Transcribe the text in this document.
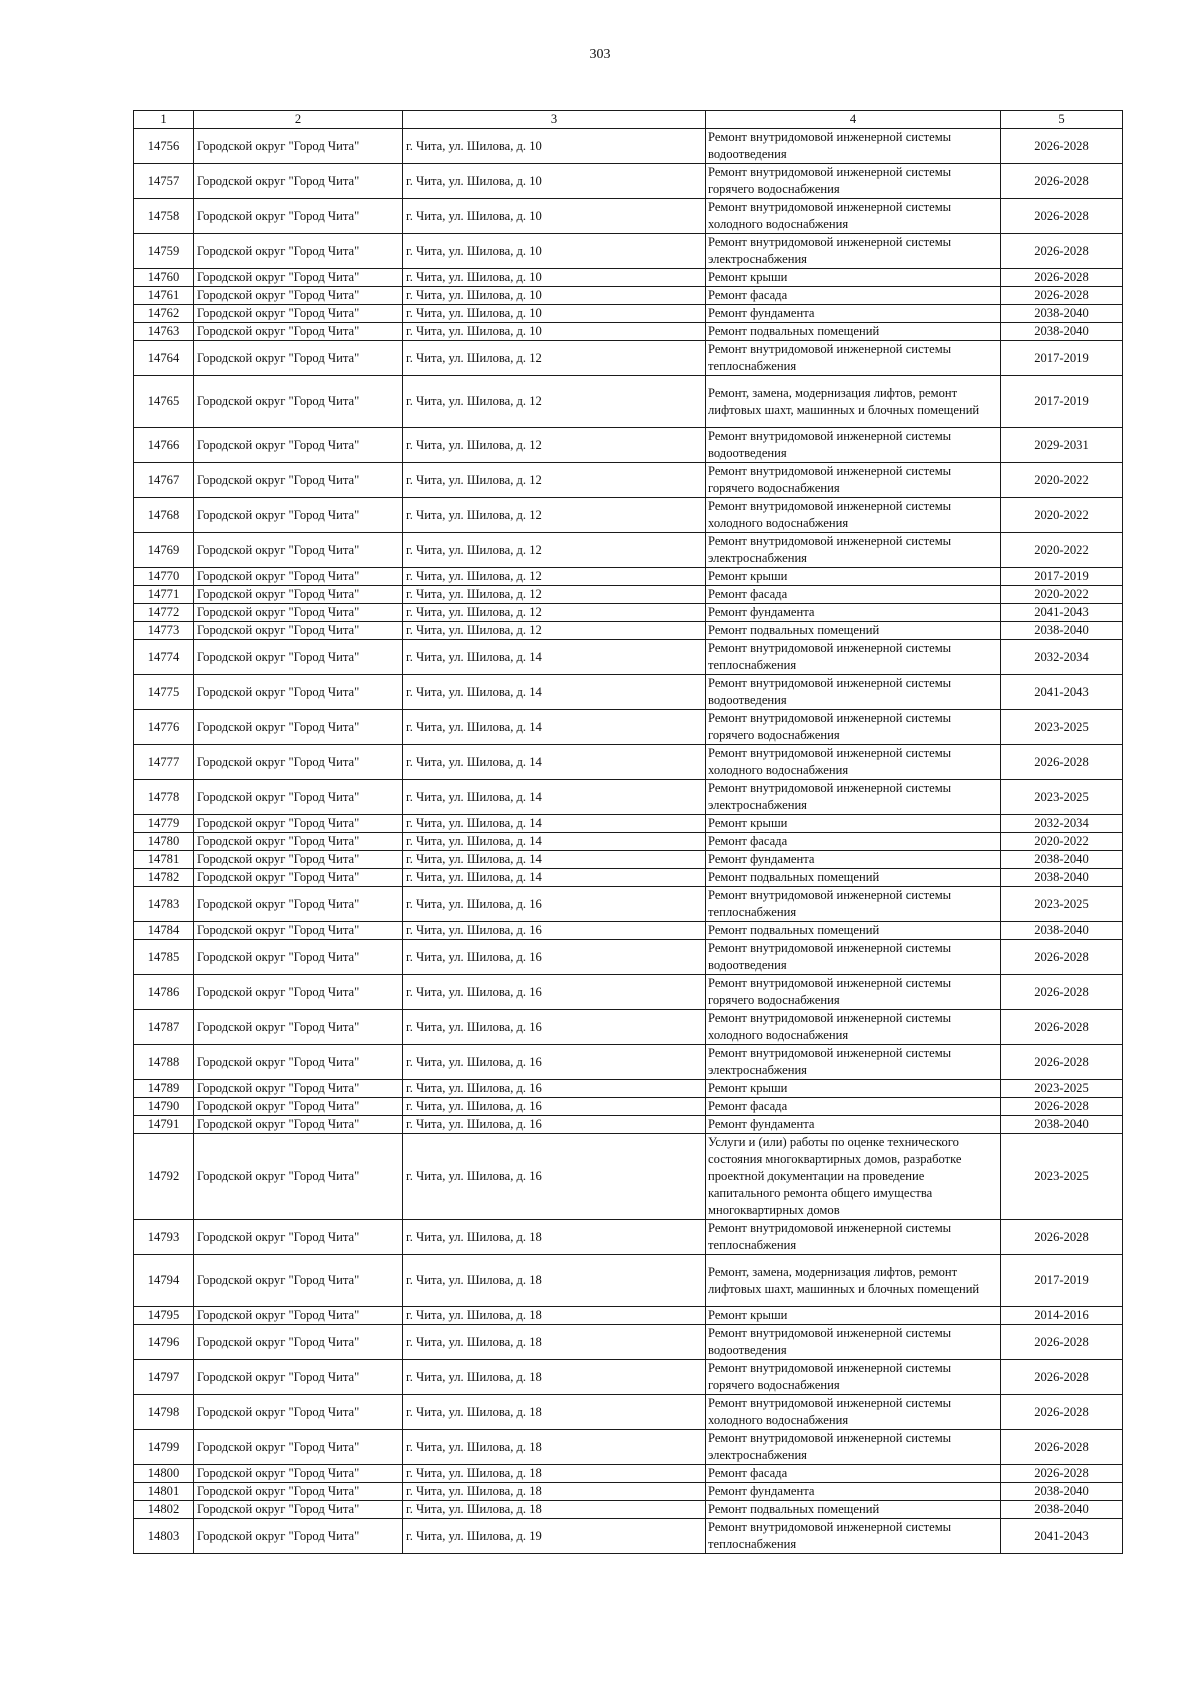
303
1	2	3	4	5
14756	Городской округ "Город Чита"	г. Чита, ул. Шилова, д. 10	Ремонт внутридомовой инженерной системы водоотведения	2026-2028
14757	Городской округ "Город Чита"	г. Чита, ул. Шилова, д. 10	Ремонт внутридомовой инженерной системы горячего водоснабжения	2026-2028
14758	Городской округ "Город Чита"	г. Чита, ул. Шилова, д. 10	Ремонт внутридомовой инженерной системы холодного водоснабжения	2026-2028
14759	Городской округ "Город Чита"	г. Чита, ул. Шилова, д. 10	Ремонт внутридомовой инженерной системы электроснабжения	2026-2028
14760	Городской округ "Город Чита"	г. Чита, ул. Шилова, д. 10	Ремонт крыши	2026-2028
14761	Городской округ "Город Чита"	г. Чита, ул. Шилова, д. 10	Ремонт фасада	2026-2028
14762	Городской округ "Город Чита"	г. Чита, ул. Шилова, д. 10	Ремонт фундамента	2038-2040
14763	Городской округ "Город Чита"	г. Чита, ул. Шилова, д. 10	Ремонт подвальных помещений	2038-2040
14764	Городской округ "Город Чита"	г. Чита, ул. Шилова, д. 12	Ремонт внутридомовой инженерной системы теплоснабжения	2017-2019
14765	Городской округ "Город Чита"	г. Чита, ул. Шилова, д. 12	Ремонт, замена, модернизация лифтов, ремонт лифтовых шахт, машинных и блочных помещений	2017-2019
14766	Городской округ "Город Чита"	г. Чита, ул. Шилова, д. 12	Ремонт внутридомовой инженерной системы водоотведения	2029-2031
14767	Городской округ "Город Чита"	г. Чита, ул. Шилова, д. 12	Ремонт внутридомовой инженерной системы горячего водоснабжения	2020-2022
14768	Городской округ "Город Чита"	г. Чита, ул. Шилова, д. 12	Ремонт внутридомовой инженерной системы холодного водоснабжения	2020-2022
14769	Городской округ "Город Чита"	г. Чита, ул. Шилова, д. 12	Ремонт внутридомовой инженерной системы электроснабжения	2020-2022
14770	Городской округ "Город Чита"	г. Чита, ул. Шилова, д. 12	Ремонт крыши	2017-2019
14771	Городской округ "Город Чита"	г. Чита, ул. Шилова, д. 12	Ремонт фасада	2020-2022
14772	Городской округ "Город Чита"	г. Чита, ул. Шилова, д. 12	Ремонт фундамента	2041-2043
14773	Городской округ "Город Чита"	г. Чита, ул. Шилова, д. 12	Ремонт подвальных помещений	2038-2040
14774	Городской округ "Город Чита"	г. Чита, ул. Шилова, д. 14	Ремонт внутридомовой инженерной системы теплоснабжения	2032-2034
14775	Городской округ "Город Чита"	г. Чита, ул. Шилова, д. 14	Ремонт внутридомовой инженерной системы водоотведения	2041-2043
14776	Городской округ "Город Чита"	г. Чита, ул. Шилова, д. 14	Ремонт внутридомовой инженерной системы горячего водоснабжения	2023-2025
14777	Городской округ "Город Чита"	г. Чита, ул. Шилова, д. 14	Ремонт внутридомовой инженерной системы холодного водоснабжения	2026-2028
14778	Городской округ "Город Чита"	г. Чита, ул. Шилова, д. 14	Ремонт внутридомовой инженерной системы электроснабжения	2023-2025
14779	Городской округ "Город Чита"	г. Чита, ул. Шилова, д. 14	Ремонт крыши	2032-2034
14780	Городской округ "Город Чита"	г. Чита, ул. Шилова, д. 14	Ремонт фасада	2020-2022
14781	Городской округ "Город Чита"	г. Чита, ул. Шилова, д. 14	Ремонт фундамента	2038-2040
14782	Городской округ "Город Чита"	г. Чита, ул. Шилова, д. 14	Ремонт подвальных помещений	2038-2040
14783	Городской округ "Город Чита"	г. Чита, ул. Шилова, д. 16	Ремонт внутридомовой инженерной системы теплоснабжения	2023-2025
14784	Городской округ "Город Чита"	г. Чита, ул. Шилова, д. 16	Ремонт подвальных помещений	2038-2040
14785	Городской округ "Город Чита"	г. Чита, ул. Шилова, д. 16	Ремонт внутридомовой инженерной системы водоотведения	2026-2028
14786	Городской округ "Город Чита"	г. Чита, ул. Шилова, д. 16	Ремонт внутридомовой инженерной системы горячего водоснабжения	2026-2028
14787	Городской округ "Город Чита"	г. Чита, ул. Шилова, д. 16	Ремонт внутридомовой инженерной системы холодного водоснабжения	2026-2028
14788	Городской округ "Город Чита"	г. Чита, ул. Шилова, д. 16	Ремонт внутридомовой инженерной системы электроснабжения	2026-2028
14789	Городской округ "Город Чита"	г. Чита, ул. Шилова, д. 16	Ремонт крыши	2023-2025
14790	Городской округ "Город Чита"	г. Чита, ул. Шилова, д. 16	Ремонт фасада	2026-2028
14791	Городской округ "Город Чита"	г. Чита, ул. Шилова, д. 16	Ремонт фундамента	2038-2040
14792	Городской округ "Город Чита"	г. Чита, ул. Шилова, д. 16	Услуги и (или) работы по оценке технического состояния многоквартирных домов, разработке проектной документации на проведение капитального ремонта общего имущества многоквартирных домов	2023-2025
14793	Городской округ "Город Чита"	г. Чита, ул. Шилова, д. 18	Ремонт внутридомовой инженерной системы теплоснабжения	2026-2028
14794	Городской округ "Город Чита"	г. Чита, ул. Шилова, д. 18	Ремонт, замена, модернизация лифтов, ремонт лифтовых шахт, машинных и блочных помещений	2017-2019
14795	Городской округ "Город Чита"	г. Чита, ул. Шилова, д. 18	Ремонт крыши	2014-2016
14796	Городской округ "Город Чита"	г. Чита, ул. Шилова, д. 18	Ремонт внутридомовой инженерной системы водоотведения	2026-2028
14797	Городской округ "Город Чита"	г. Чита, ул. Шилова, д. 18	Ремонт внутридомовой инженерной системы горячего водоснабжения	2026-2028
14798	Городской округ "Город Чита"	г. Чита, ул. Шилова, д. 18	Ремонт внутридомовой инженерной системы холодного водоснабжения	2026-2028
14799	Городской округ "Город Чита"	г. Чита, ул. Шилова, д. 18	Ремонт внутридомовой инженерной системы электроснабжения	2026-2028
14800	Городской округ "Город Чита"	г. Чита, ул. Шилова, д. 18	Ремонт фасада	2026-2028
14801	Городской округ "Город Чита"	г. Чита, ул. Шилова, д. 18	Ремонт фундамента	2038-2040
14802	Городской округ "Город Чита"	г. Чита, ул. Шилова, д. 18	Ремонт подвальных помещений	2038-2040
14803	Городской округ "Город Чита"	г. Чита, ул. Шилова, д. 19	Ремонт внутридомовой инженерной системы теплоснабжения	2041-2043
